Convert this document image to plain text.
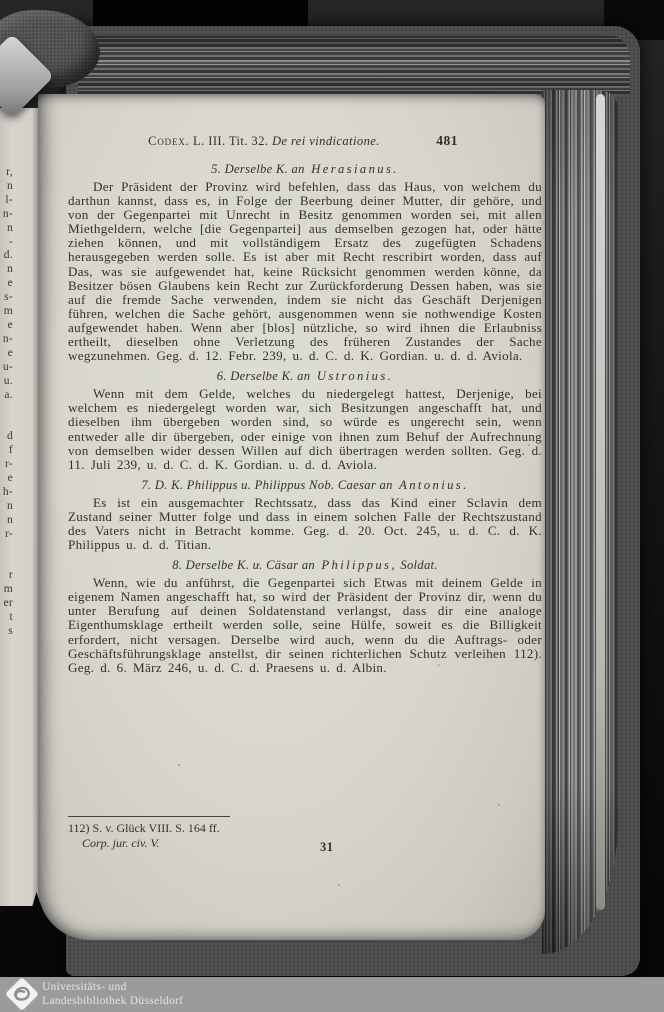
r,
n
l-
n-
n
-
d.
n
e
s-
m
e
n-
e
u-
u.
a.

d
f
r-
e
h-
n
n
r-

r
m
er
t
s
Codex. L. III. Tit. 32. De rei vindicatione.	481
5. Derselbe K. an Herasianus.

Der Präsident der Provinz wird befehlen, dass das Haus, von welchem du darthun kannst, dass es, in Folge der Beerbung deiner Mutter, dir gehöre, und von der Gegenpartei mit Unrecht in Besitz genommen worden sei, mit allen Miethgeldern, welche [die Gegenpartei] aus demselben gezogen hat, oder hätte ziehen können, und mit vollständigem Ersatz des zugefügten Schadens herausgegeben werden solle. Es ist aber mit Recht rescribirt worden, dass auf Das, was sie aufgewendet hat, keine Rücksicht genommen werden könne, da Besitzer bösen Glaubens kein Recht zur Zurückforderung Dessen haben, was sie auf die fremde Sache verwenden, indem sie nicht das Geschäft Derjenigen führen, welchen die Sache gehört, ausgenommen wenn sie nothwendige Kosten aufgewendet haben. Wenn aber [blos] nützliche, so wird ihnen die Erlaubniss ertheilt, dieselben ohne Verletzung des früheren Zustandes der Sache wegzunehmen. Geg. d. 12. Febr. 239, u. d. C. d. K. Gordian. u. d. d. Aviola.

6. Derselbe K. an Ustronius.

Wenn mit dem Gelde, welches du niedergelegt hattest, Derjenige, bei welchem es niedergelegt worden war, sich Besitzungen angeschafft hat, und dieselben ihm übergeben worden sind, so würde es ungerecht sein, wenn entweder alle dir übergeben, oder einige von ihnen zum Behuf der Aufrechnung von demselben wider dessen Willen auf dich übertragen werden sollten. Geg. d. 11. Juli 239, u. d. C. d. K. Gordian. u. d. d. Aviola.

7. D. K. Philippus u. Philippus Nob. Caesar an Antonius.

Es ist ein ausgemachter Rechtssatz, dass das Kind einer Sclavin dem Zustand seiner Mutter folge und dass in einem solchen Falle der Rechtszustand des Vaters nicht in Betracht komme. Geg. d. 20. Oct. 245, u. d. C. d. K. Philippus u. d. d. Titian.

8. Derselbe K. u. Cäsar an Philippus, Soldat.

Wenn, wie du anführst, die Gegenpartei sich Etwas mit deinem Gelde in eigenem Namen angeschafft hat, so wird der Präsident der Provinz dir, wenn du unter Berufung auf deinen Soldatenstand verlangst, dass dir eine analoge Eigenthumsklage ertheilt werden solle, seine Hülfe, soweit es die Billigkeit erfordert, nicht versagen. Derselbe wird auch, wenn du die Auftrags- oder Geschäftsführungsklage anstellst, dir seinen richterlichen Schutz verleihen 112). Geg. d. 6. März 246, u. d. C. d. Praesens u. d. Albin.

112) S. v. Glück VIII. S. 164 ff.
Corp. jur. civ. V.	31
Universitäts- und
Landesbibliothek Düsseldorf
